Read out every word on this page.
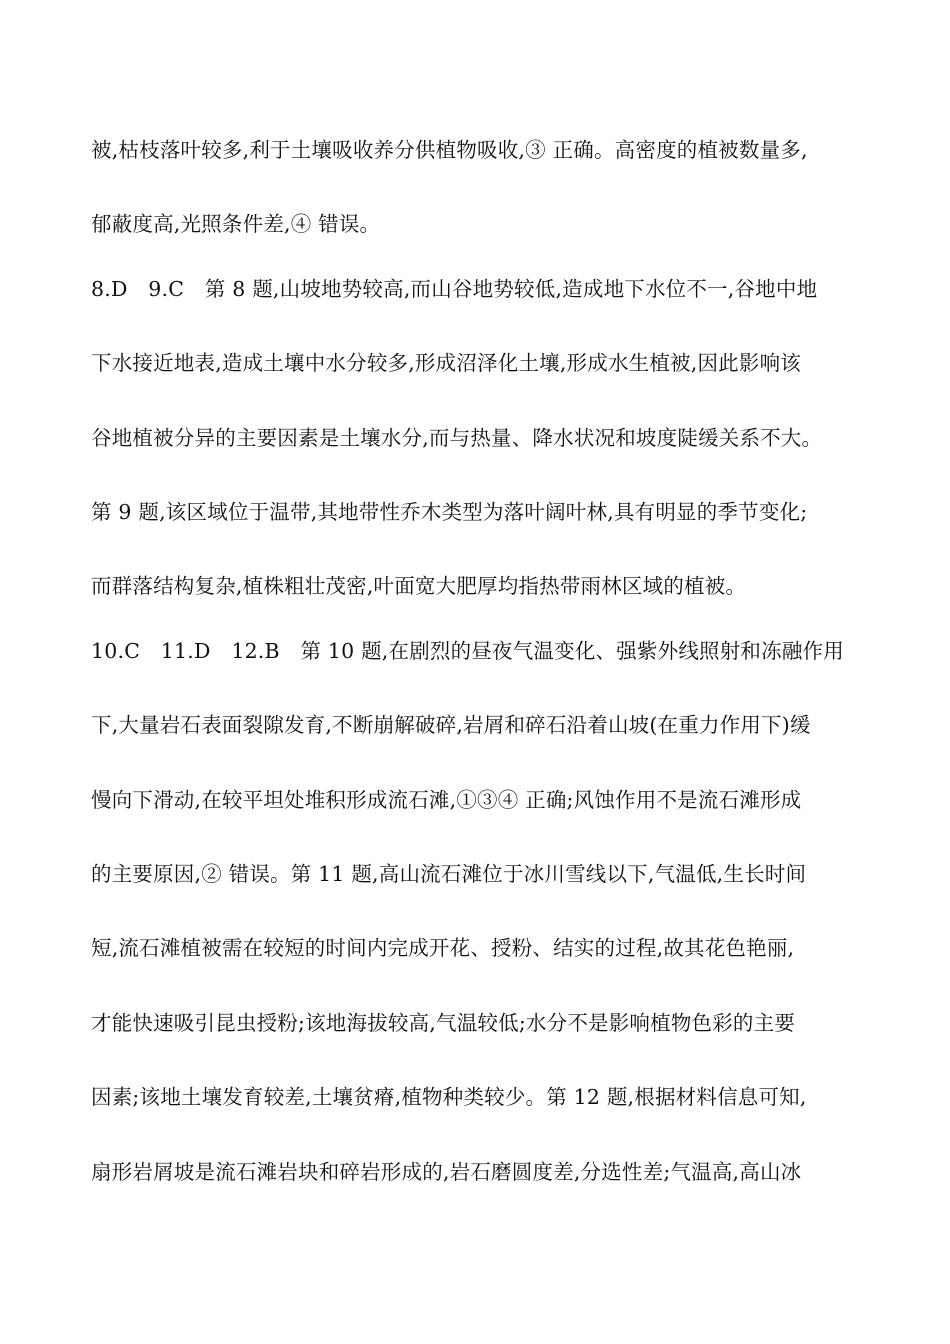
被,枯枝落叶较多,利于土壤吸收养分供植物吸收,③ 正确。高密度的植被数量多,
郁蔽度高,光照条件差,④ 错误。
8.D　9.C　第 8 题,山坡地势较高,而山谷地势较低,造成地下水位不一,谷地中地
下水接近地表,造成土壤中水分较多,形成沼泽化土壤,形成水生植被,因此影响该
谷地植被分异的主要因素是土壤水分,而与热量、降水状况和坡度陡缓关系不大。
第 9 题,该区域位于温带,其地带性乔木类型为落叶阔叶林,具有明显的季节变化;
而群落结构复杂,植株粗壮茂密,叶面宽大肥厚均指热带雨林区域的植被。
10.C　11.D　12.B　第 10 题,在剧烈的昼夜气温变化、强紫外线照射和冻融作用
下,大量岩石表面裂隙发育,不断崩解破碎,岩屑和碎石沿着山坡(在重力作用下)缓
慢向下滑动,在较平坦处堆积形成流石滩,①③④ 正确;风蚀作用不是流石滩形成
的主要原因,② 错误。第 11 题,高山流石滩位于冰川雪线以下,气温低,生长时间
短,流石滩植被需在较短的时间内完成开花、授粉、结实的过程,故其花色艳丽,
才能快速吸引昆虫授粉;该地海拔较高,气温较低;水分不是影响植物色彩的主要
因素;该地土壤发育较差,土壤贫瘠,植物种类较少。第 12 题,根据材料信息可知,
扇形岩屑坡是流石滩岩块和碎岩形成的,岩石磨圆度差,分选性差;气温高,高山冰
